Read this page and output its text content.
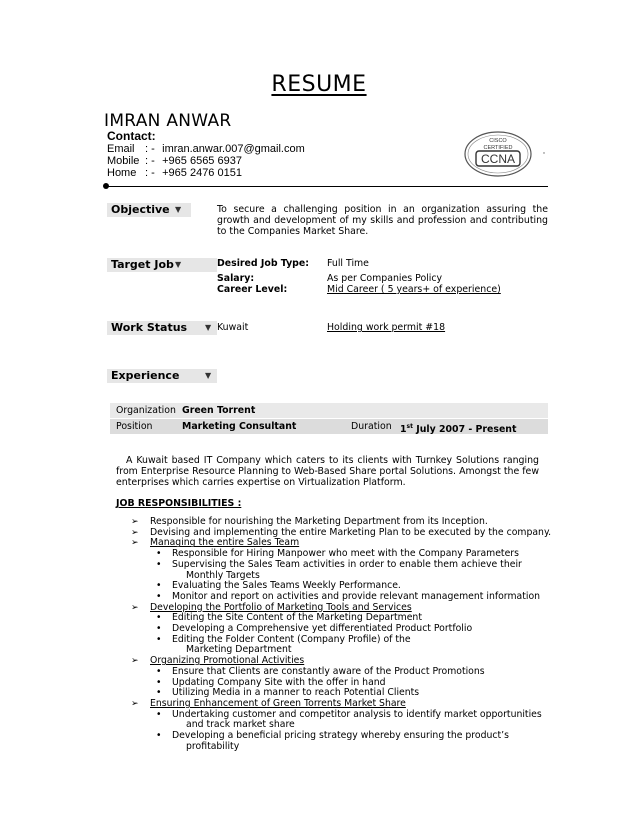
RESUME
IMRAN ANWAR
Contact:
Email : - imran.anwar.007@gmail.com
Mobile : - +965 6565 6937
Home : - +965 2476 0151
CISCO
CERTIFIED
CCNA
Objective ▼	To secure a challenging position in an organization assuring the growth and development of my skills and profession and contributing to the Companies Market Share.
Target Job ▼	Desired Job Type: Full Time
Salary:	As per Companies Policy
Career Level:	Mid Career ( 5 years+ of experience)
Work Status ▼ Kuwait	Holding work permit #18
Experience	▼
Organization Green Torrent
Position	Marketing Consultant	Duration 1st July 2007 - Present
A Kuwait based IT Company which caters to its clients with Turnkey Solutions ranging from Enterprise Resource Planning to Web-Based Share portal Solutions. Amongst the few enterprises which carries expertise on Virtualization Platform.
JOB RESPONSIBILITIES :
➢ Responsible for nourishing the Marketing Department from its Inception.
➢ Devising and implementing the entire Marketing Plan to be executed by the company.
➢ Managing the entire Sales Team
• Responsible for Hiring Manpower who meet with the Company Parameters
• Supervising the Sales Team activities in order to enable them achieve their
Monthly Targets
• Evaluating the Sales Teams Weekly Performance.
• Monitor and report on activities and provide relevant management information
➢ Developing the Portfolio of Marketing Tools and Services
• Editing the Site Content of the Marketing Department
• Developing a Comprehensive yet differentiated Product Portfolio
• Editing the Folder Content (Company Profile) of the
Marketing Department
➢ Organizing Promotional Activities
• Ensure that Clients are constantly aware of the Product Promotions
• Updating Company Site with the offer in hand
• Utilizing Media in a manner to reach Potential Clients
➢ Ensuring Enhancement of Green Torrents Market Share
• Undertaking customer and competitor analysis to identify market opportunities
and track market share
• Developing a beneficial pricing strategy whereby ensuring the product’s
profitability
